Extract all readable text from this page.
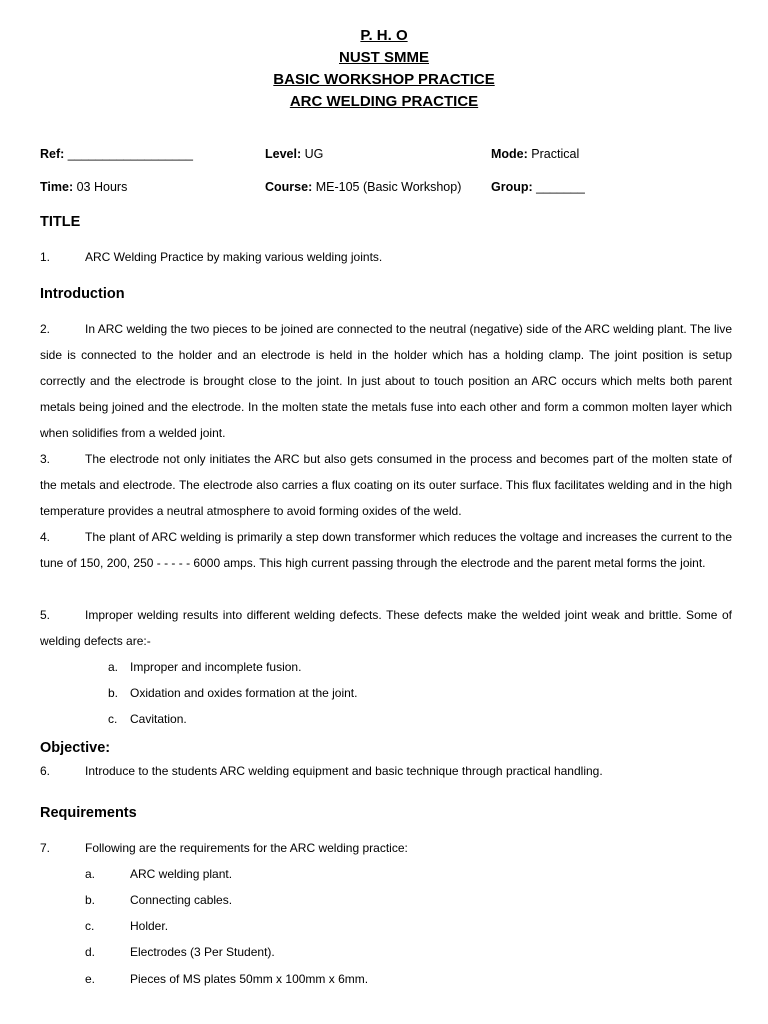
P. H. O
NUST SMME
BASIC WORKSHOP PRACTICE
ARC WELDING PRACTICE
Ref: __________________	Level: UG	Mode: Practical
Time: 03 Hours	Course: ME-105 (Basic Workshop) Group: _______
TITLE
1.	ARC Welding Practice by making various welding joints.
Introduction
2.	In ARC welding the two pieces to be joined are connected to the neutral (negative) side of the ARC welding plant. The live side is connected to the holder and an electrode is held in the holder which has a holding clamp. The joint position is setup correctly and the electrode is brought close to the joint. In just about to touch position an ARC occurs which melts both parent metals being joined and the electrode. In the molten state the metals fuse into each other and form a common molten layer which when solidifies from a welded joint.
3.	The electrode not only initiates the ARC but also gets consumed in the process and becomes part of the molten state of the metals and electrode. The electrode also carries a flux coating on its outer surface. This flux facilitates welding and in the high temperature provides a neutral atmosphere to avoid forming oxides of the weld.
4.	The plant of ARC welding is primarily a step down transformer which reduces the voltage and increases the current to the tune of 150, 200, 250 - - - - - 6000 amps. This high current passing through the electrode and the parent metal forms the joint.
5.	Improper welding results into different welding defects. These defects make the welded joint weak and brittle. Some of welding defects are:-
a. Improper and incomplete fusion.
b. Oxidation and oxides formation at the joint.
c. Cavitation.
Objective:
6.	Introduce to the students ARC welding equipment and basic technique through practical handling.
Requirements
7.	Following are the requirements for the ARC welding practice:
a.	ARC welding plant.
b.	Connecting cables.
c.	Holder.
d.	Electrodes (3 Per Student).
e.	Pieces of MS plates 50mm x 100mm x 6mm.
